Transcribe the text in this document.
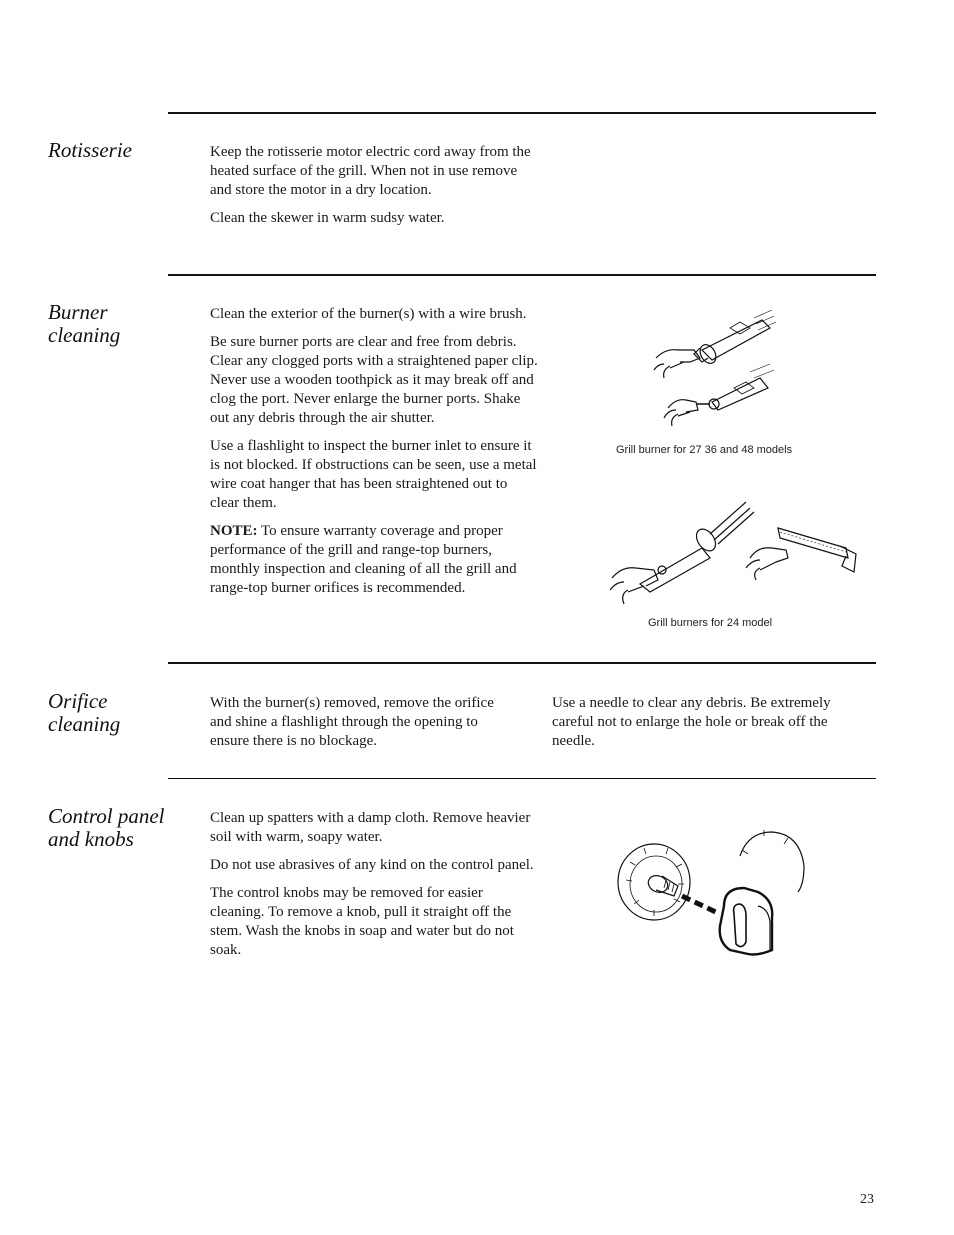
Rotisserie	Keep the rotisserie motor electric cord away from the heated surface of the grill. When not in use remove and store the motor in a dry location.

Clean the skewer in warm sudsy water.

Burner cleaning

Clean the exterior of the burner(s) with a wire brush.

Be sure burner ports are clear and free from debris. Clear any clogged ports with a straightened paper clip. Never use a wooden toothpick as it may break off and clog the port. Never enlarge the burner ports. Shake out any debris through the air shutter.

Use a flashlight to inspect the burner inlet to ensure it is not blocked. If obstructions can be seen, use a metal wire coat hanger that has been straightened out to clear them.

NOTE: To ensure warranty coverage and proper performance of the grill and range-top burners, monthly inspection and cleaning of all the grill and range-top burner orifices is recommended.

Grill burner for 27 36 and 48 models
Grill burners for 24 model
Orifice cleaning

With the burner(s) removed, remove the orifice and shine a flashlight through the opening to ensure there is no blockage.

Use a needle to clear any debris. Be extremely careful not to enlarge the hole or break off the needle.

Control panel and knobs

Clean up spatters with a damp cloth. Remove heavier soil with warm, soapy water.

Do not use abrasives of any kind on the control panel.

The control knobs may be removed for easier cleaning. To remove a knob, pull it straight off the stem. Wash the knobs in soap and water but do not soak.

23
